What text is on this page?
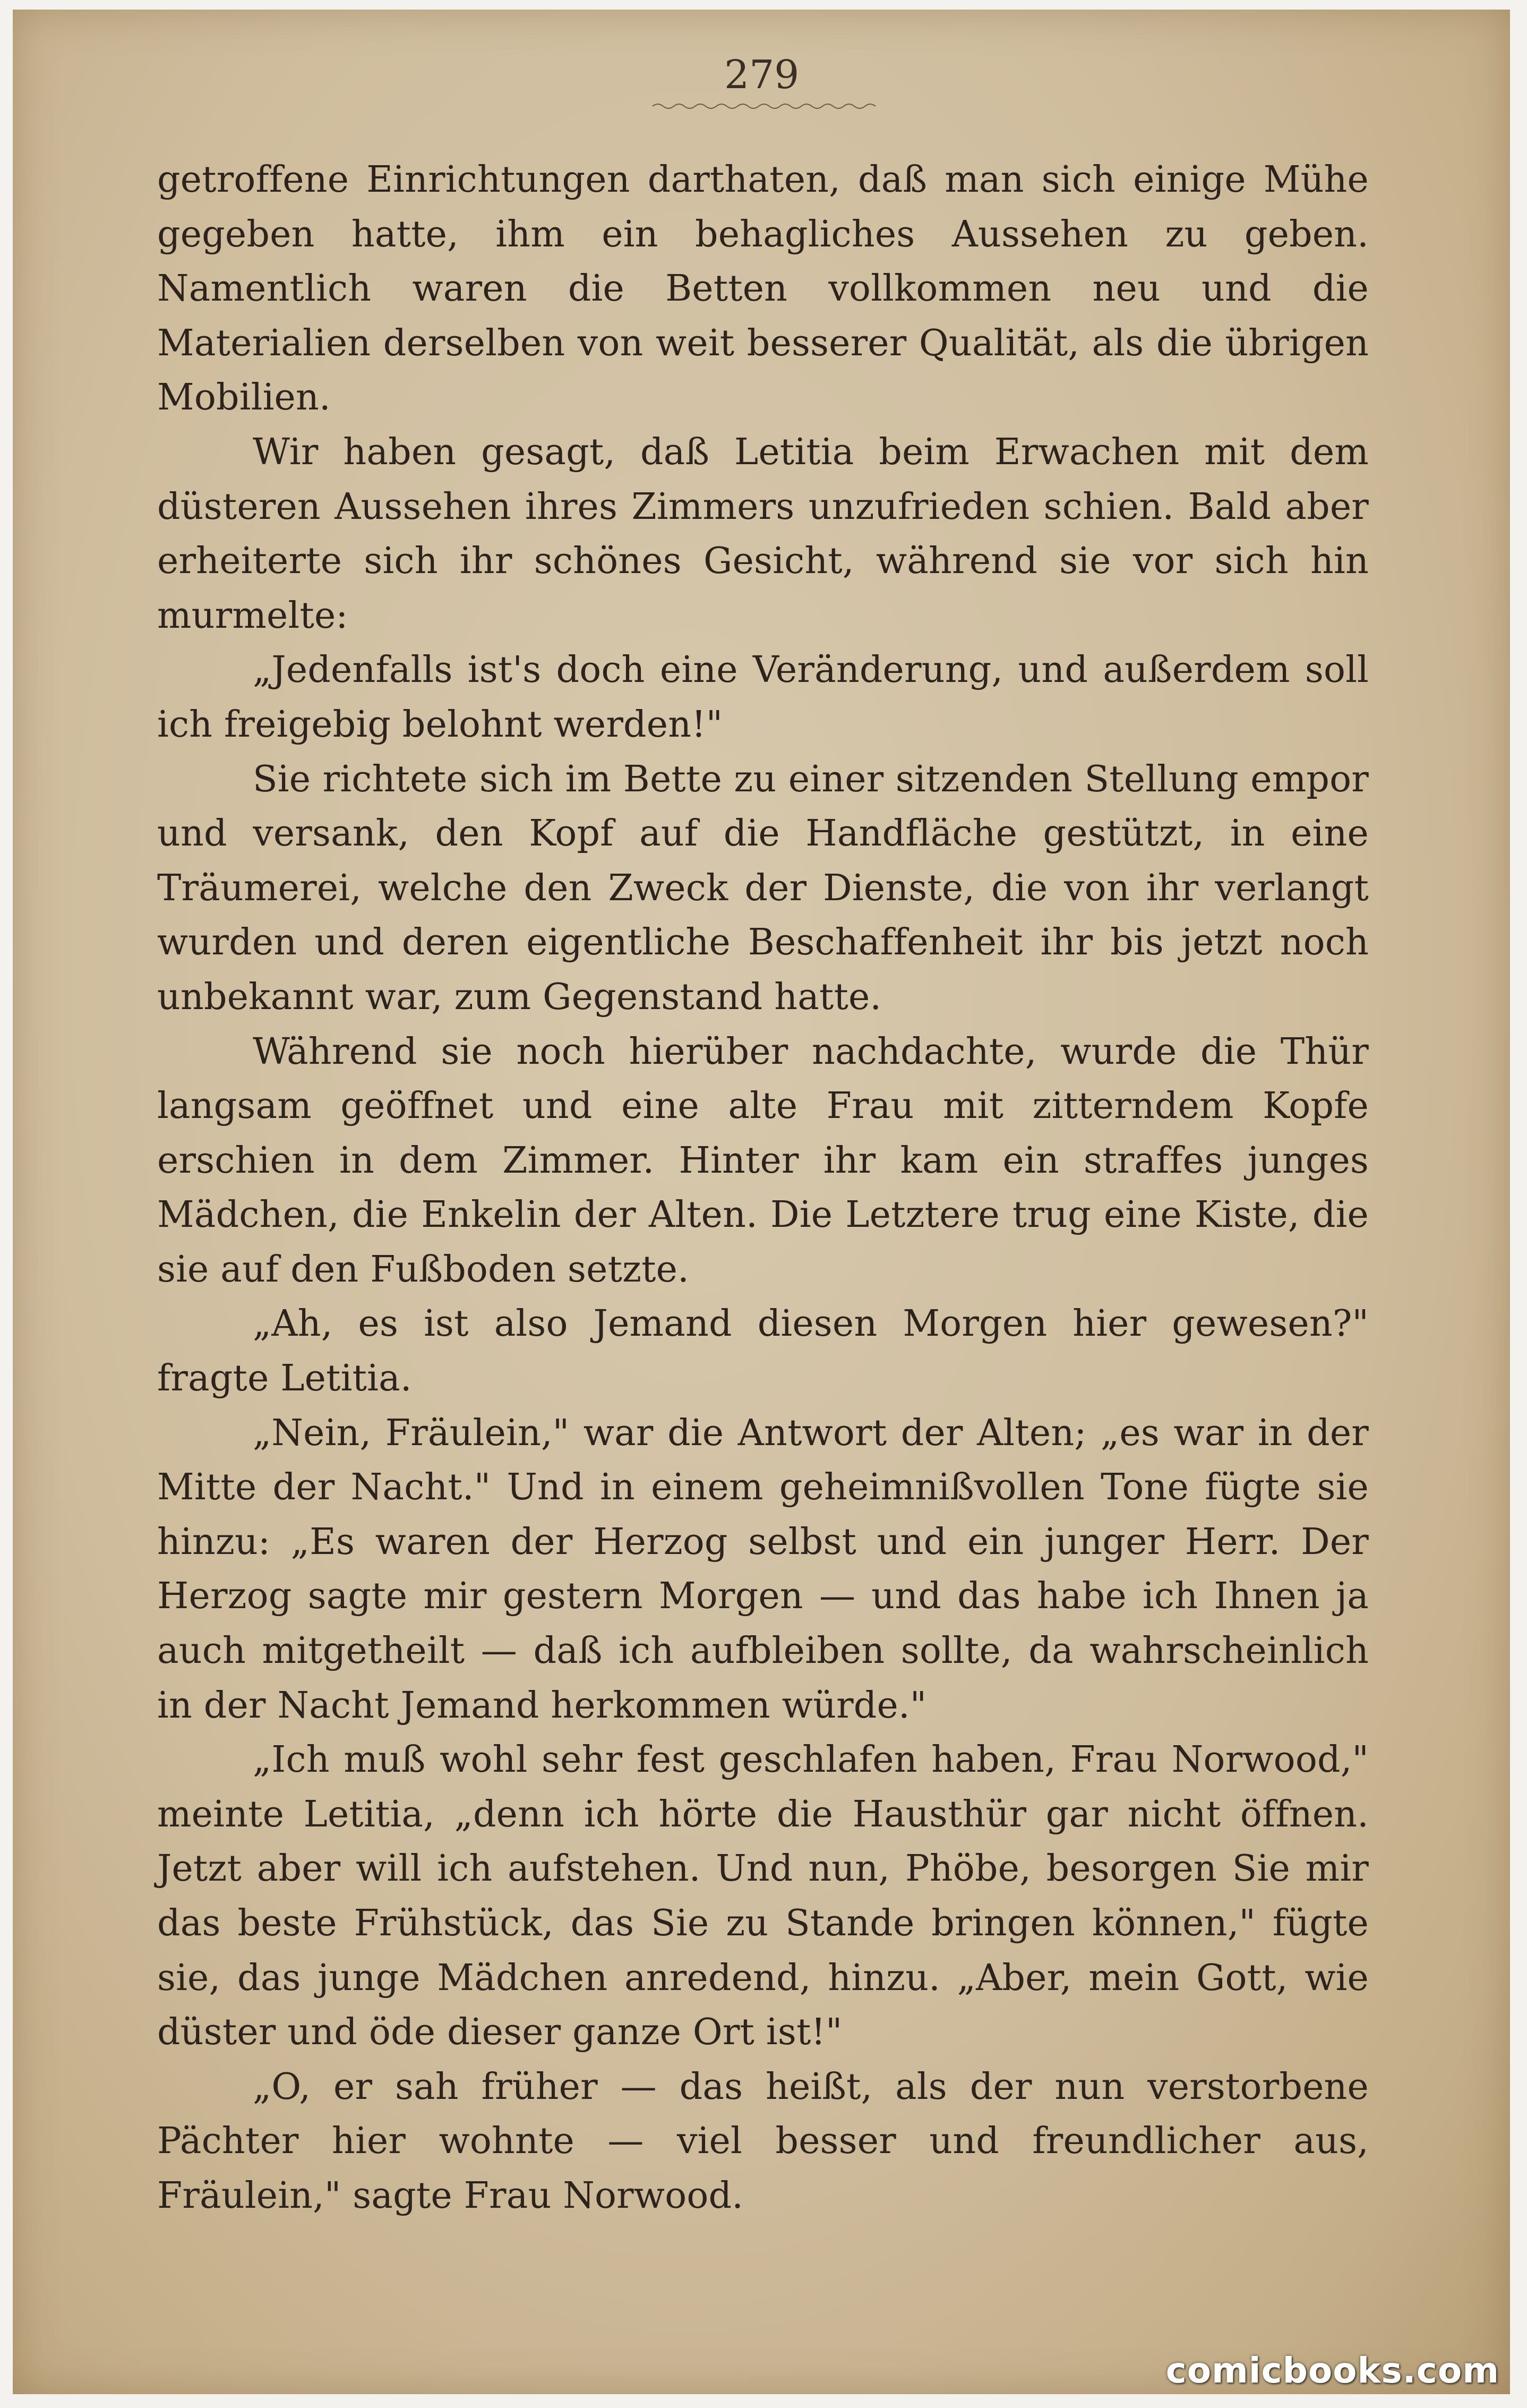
279

getroffene Einrichtungen darthaten, daß man sich einige Mühe gegeben hatte, ihm ein behagliches Aussehen zu geben. Namentlich waren die Betten vollkommen neu und die Materialien derselben von weit besserer Qualität, als die übrigen Mobilien.

Wir haben gesagt, daß Letitia beim Erwachen mit dem düsteren Aussehen ihres Zimmers unzufrieden schien. Bald aber erheiterte sich ihr schönes Gesicht, während sie vor sich hin murmelte:

„Jedenfalls ist's doch eine Veränderung, und außerdem soll ich freigebig belohnt werden!"

Sie richtete sich im Bette zu einer sitzenden Stellung empor und versank, den Kopf auf die Handfläche gestützt, in eine Träumerei, welche den Zweck der Dienste, die von ihr verlangt wurden und deren eigentliche Beschaffenheit ihr bis jetzt noch unbekannt war, zum Gegenstand hatte.

Während sie noch hierüber nachdachte, wurde die Thür langsam geöffnet und eine alte Frau mit zitterndem Kopfe erschien in dem Zimmer. Hinter ihr kam ein straffes junges Mädchen, die Enkelin der Alten. Die Letztere trug eine Kiste, die sie auf den Fußboden setzte.

„Ah, es ist also Jemand diesen Morgen hier gewesen?" fragte Letitia.

„Nein, Fräulein," war die Antwort der Alten; „es war in der Mitte der Nacht." Und in einem geheimnißvollen Tone fügte sie hinzu: „Es waren der Herzog selbst und ein junger Herr. Der Herzog sagte mir gestern Morgen — und das habe ich Ihnen ja auch mitgetheilt — daß ich aufbleiben sollte, da wahrscheinlich in der Nacht Jemand herkommen würde."

„Ich muß wohl sehr fest geschlafen haben, Frau Norwood," meinte Letitia, „denn ich hörte die Hausthür gar nicht öffnen. Jetzt aber will ich aufstehen. Und nun, Phöbe, besorgen Sie mir das beste Frühstück, das Sie zu Stande bringen können," fügte sie, das junge Mädchen anredend, hinzu. „Aber, mein Gott, wie düster und öde dieser ganze Ort ist!"

„O, er sah früher — das heißt, als der nun verstorbene Pächter hier wohnte — viel besser und freundlicher aus, Fräulein," sagte Frau Norwood.

comicbooks.com
